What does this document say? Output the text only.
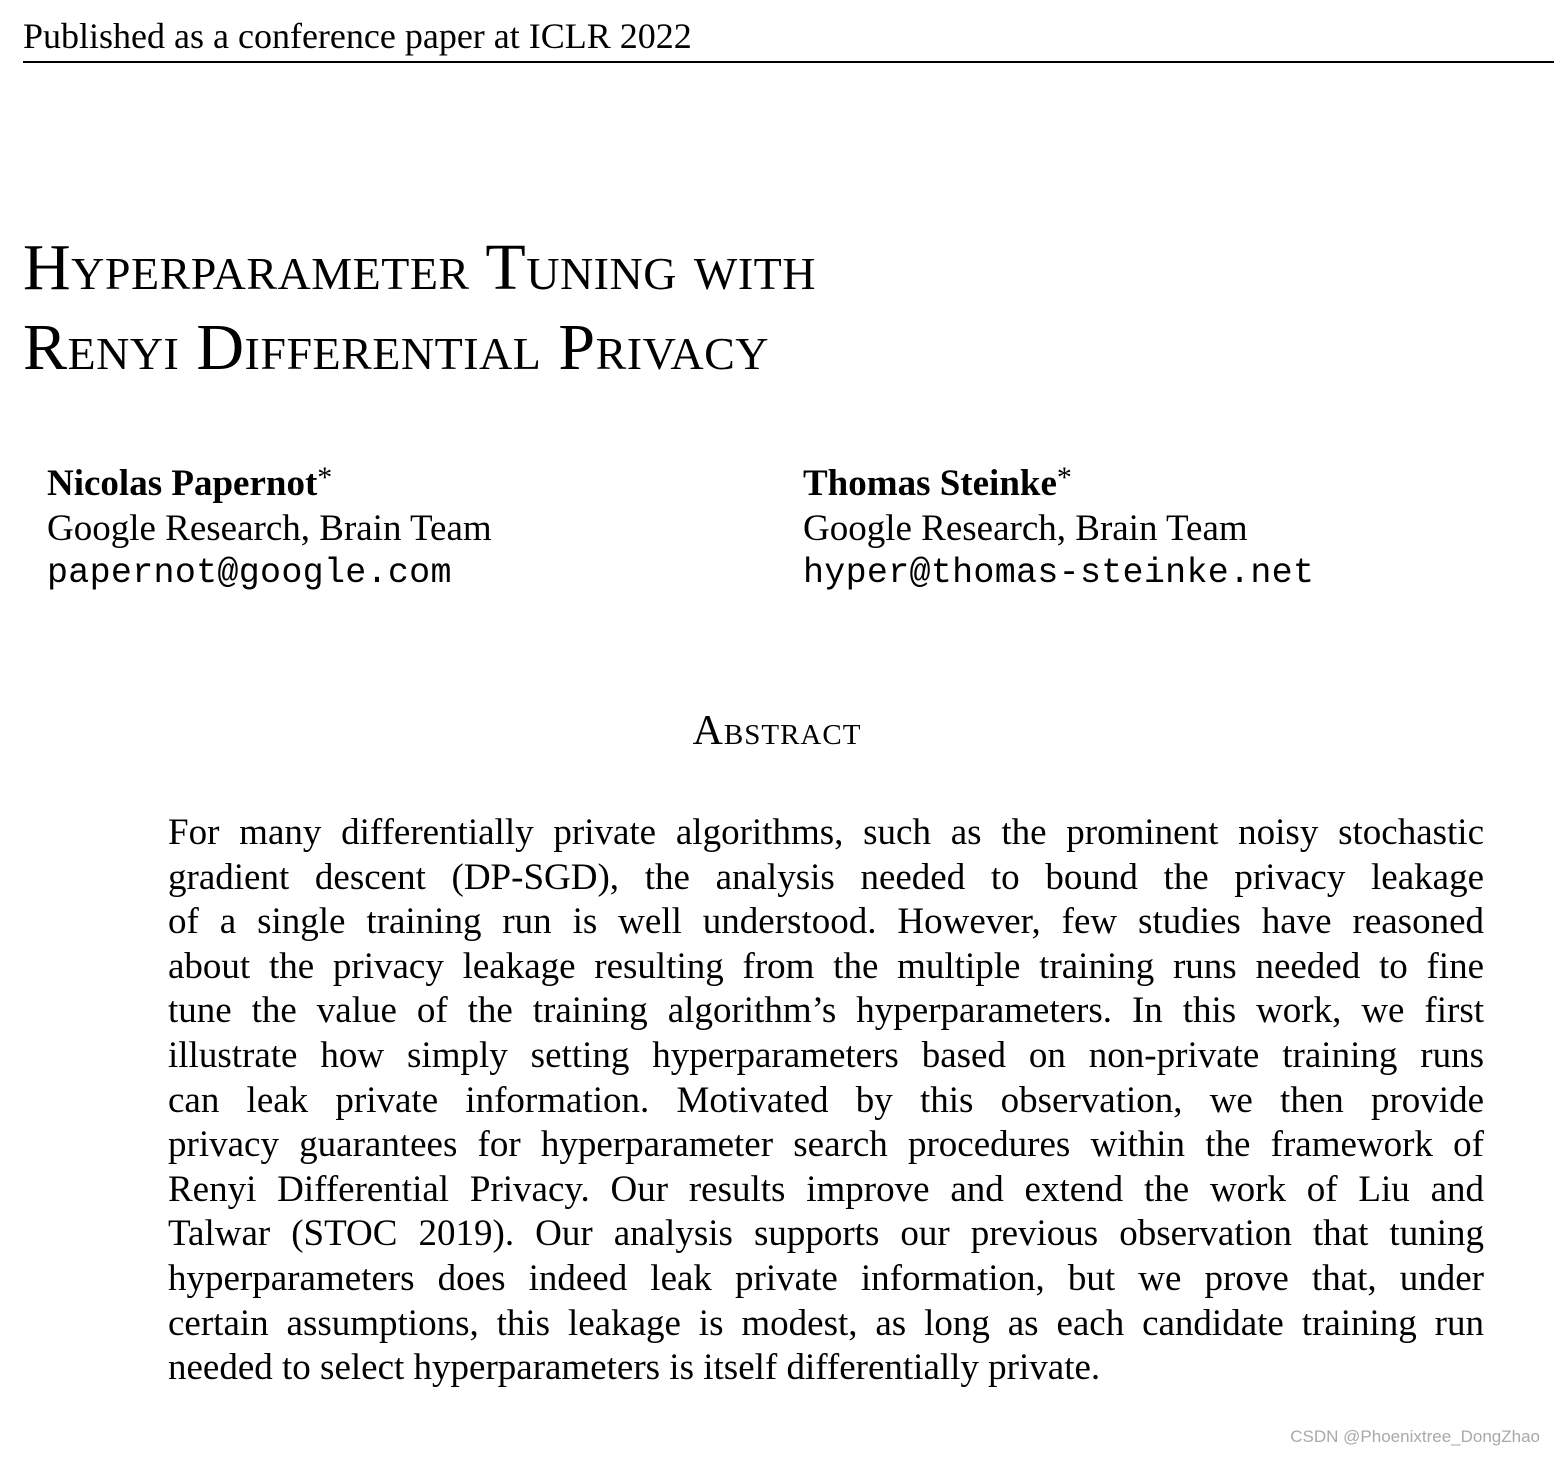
Published as a conference paper at ICLR 2022
Hyperparameter Tuning with
Renyi Differential Privacy
Nicolas Papernot*
Google Research, Brain Team
papernot@google.com
Thomas Steinke*
Google Research, Brain Team
hyper@thomas-steinke.net
Abstract
For many differentially private algorithms, such as the prominent noisy stochastic
gradient descent (DP-SGD), the analysis needed to bound the privacy leakage
of a single training run is well understood. However, few studies have reasoned
about the privacy leakage resulting from the multiple training runs needed to fine
tune the value of the training algorithm’s hyperparameters. In this work, we first
illustrate how simply setting hyperparameters based on non-private training runs
can leak private information. Motivated by this observation, we then provide
privacy guarantees for hyperparameter search procedures within the framework of
Renyi Differential Privacy. Our results improve and extend the work of Liu and
Talwar (STOC 2019). Our analysis supports our previous observation that tuning
hyperparameters does indeed leak private information, but we prove that, under
certain assumptions, this leakage is modest, as long as each candidate training run
needed to select hyperparameters is itself differentially private.
CSDN @Phoenixtree_DongZhao
